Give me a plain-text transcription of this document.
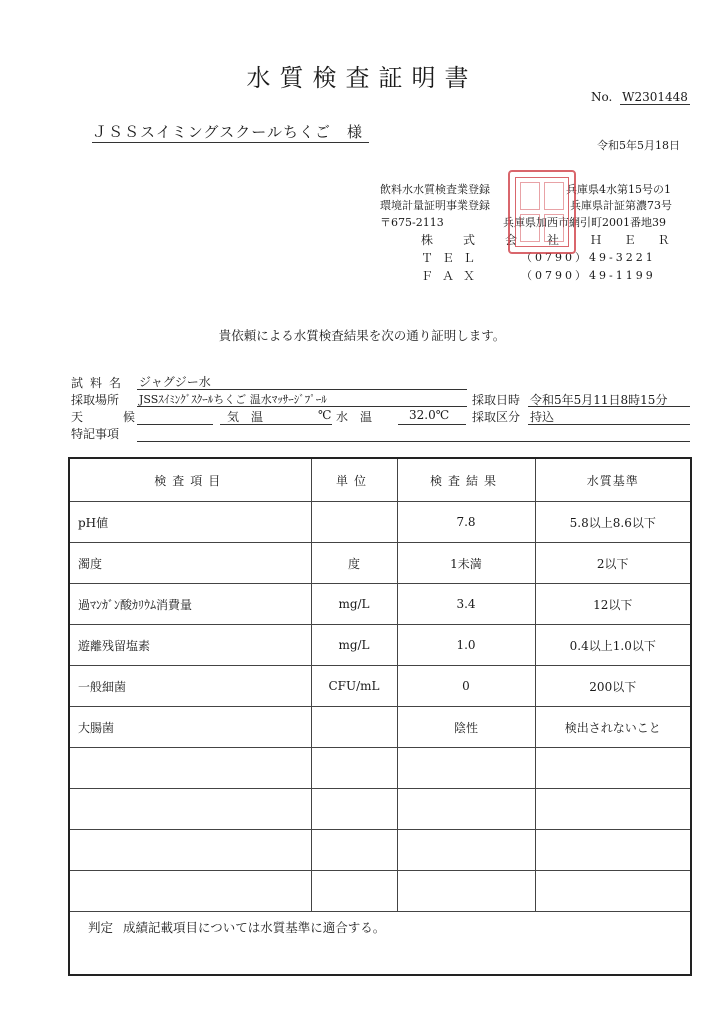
水質検査証明書
No. W2301448
ＪＳＳスイミングスクールちくご　様
令和5年5月18日
飲料水水質検査業登録	兵庫県4水第15号の1
環境計量証明事業登録	兵庫県計証第濃73号
〒675-2113	兵庫県加西市網引町2001番地39
株　式　会　社 Ｈ Ｅ Ｒ
ＴＥＬ	（0790）49-3221
ＦＡＸ	（0790）49-1199
貴依頼による水質検査結果を次の通り証明します。
試料名 ジャグジー水
採取場所 JSSｽｲﾐﾝｸﾞｽｸｰﾙちくご 温水ﾏｯｻｰｼﾞﾌﾟｰﾙ	採取日時 令和5年5月11日8時15分
天　候	気　温	℃ 水　温	32.0℃ 採取区分 持込
特記事項
検査項目	単位	検査結果	水質基準
pH値		7.8	5.8以上8.6以下
濁度	度	1未満	2以下
過ﾏﾝｶﾞﾝ酸ｶﾘｳﾑ消費量	mg/L	3.4	12以下
遊離残留塩素	mg/L	1.0	0.4以上1.0以下
一般細菌	CFU/mL	0	200以下
大腸菌		陰性	検出されないこと

判定 成績記載項目については水質基準に適合する。			
